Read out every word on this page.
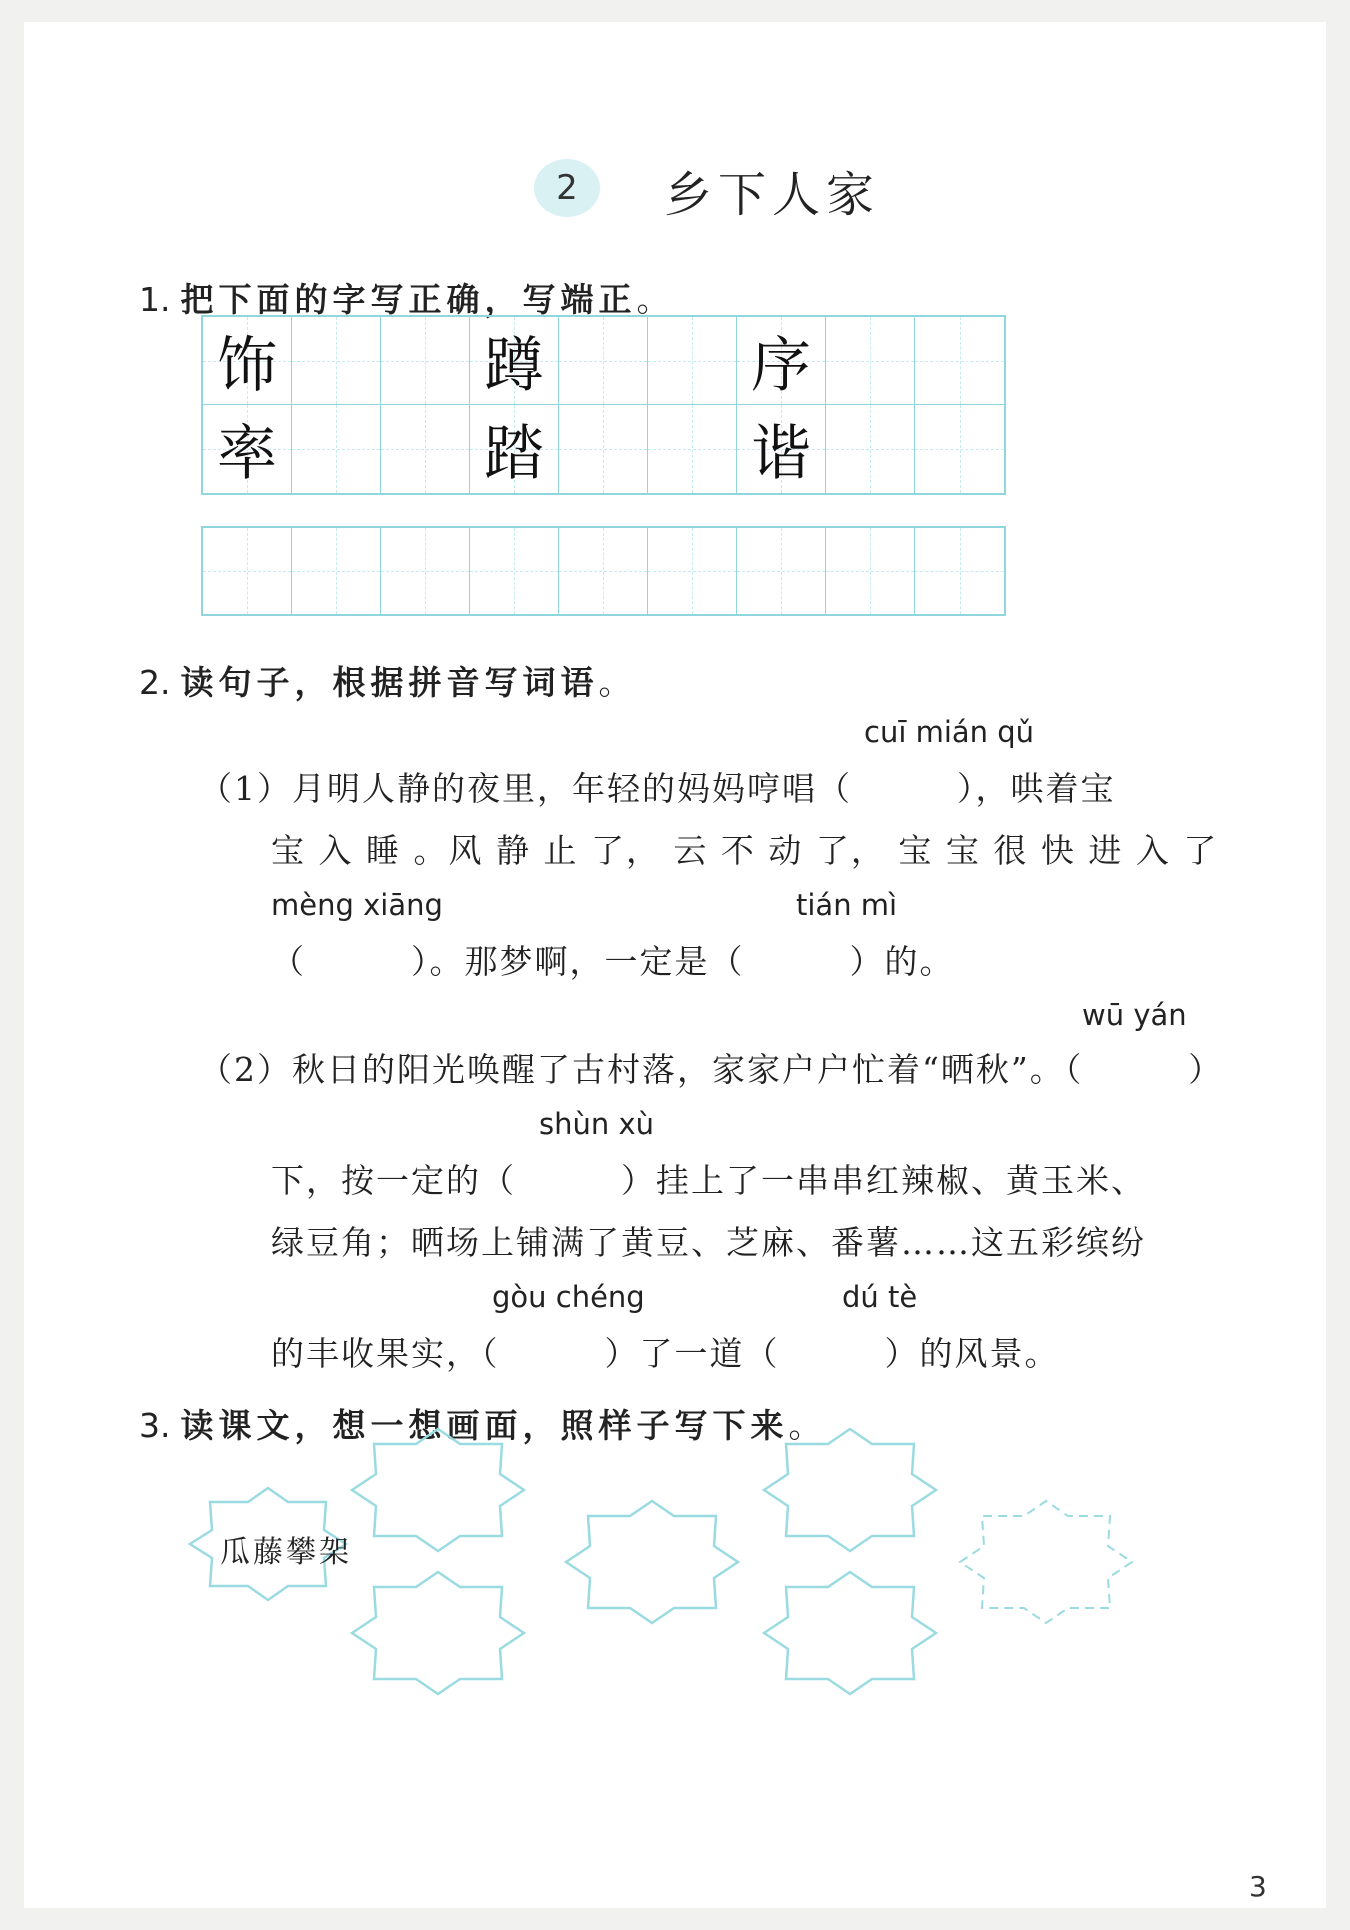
2	乡下人家
1. 把下面的字写正确，写端正。
饰	蹲	序
率	踏	谐
2. 读句子，根据拼音写词语。
cuī mián qǔ
（1）月明人静的夜里，年轻的妈妈哼唱（　　　），哄着宝
宝 入 睡 。风 静 止 了， 云 不 动 了， 宝 宝 很 快 进 入 了
mèng xiāng	tián mì
（　　　）。那梦啊，一定是（　　　）的。
wū yán
（2）秋日的阳光唤醒了古村落，家家户户忙着“晒秋”。（　　　）
shùn xù
下，按一定的（　　　）挂上了一串串红辣椒、黄玉米、
绿豆角；晒场上铺满了黄豆、芝麻、番薯……这五彩缤纷
gòu chéng	dú tè
的丰收果实，（　　　）了一道（　　　）的风景。
3. 读课文，想一想画面，照样子写下来。
瓜藤攀架
3
